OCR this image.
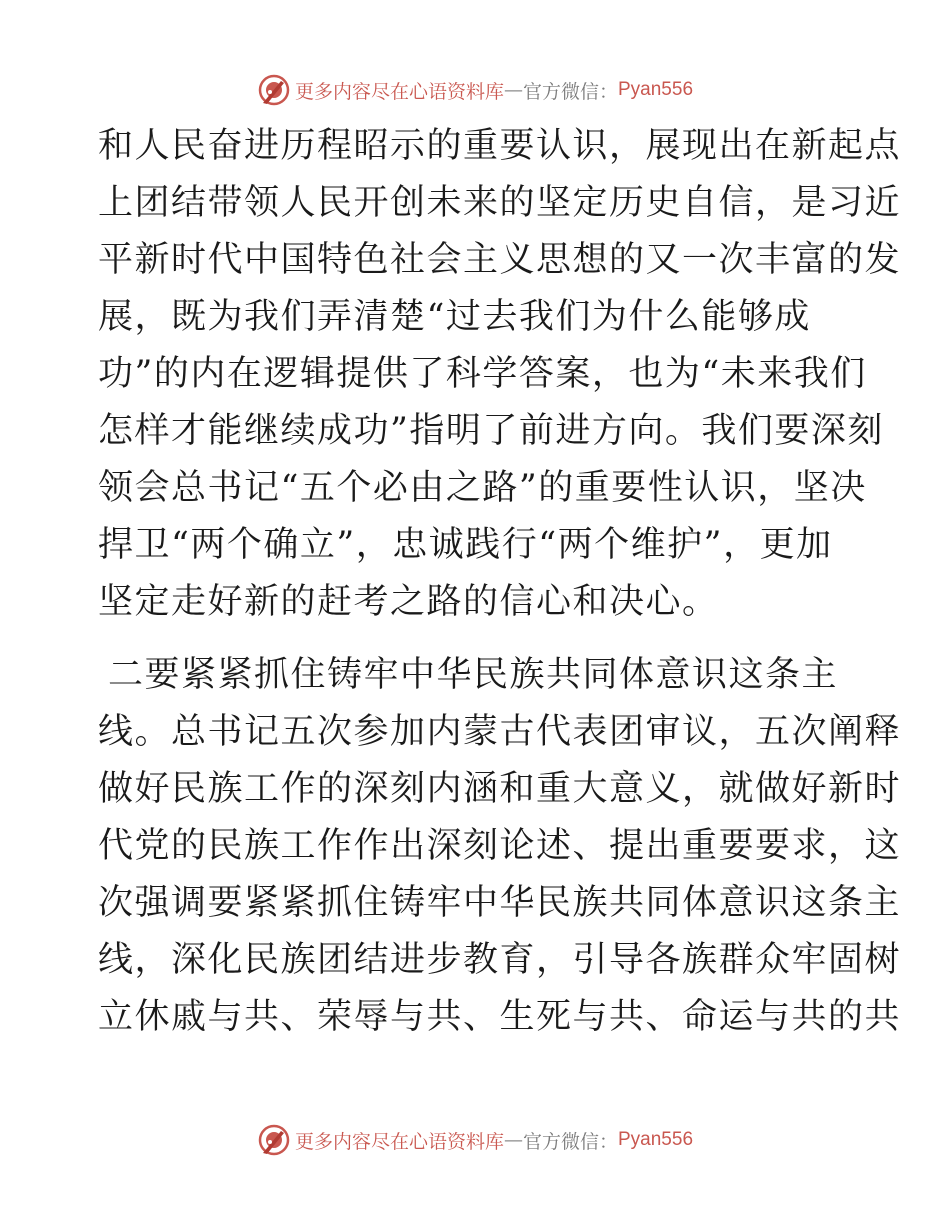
更多内容尽在心语资料库 — 官方微信： Pyan556
和人民奋进历程昭示的重要认识，展现出在新起点
上团结带领人民开创未来的坚定历史自信，是习近
平新时代中国特色社会主义思想的又一次丰富的发
展，既为我们弄清楚“过去我们为什么能够成
功”的内在逻辑提供了科学答案，也为“未来我们
怎样才能继续成功”指明了前进方向。我们要深刻
领会总书记“五个必由之路”的重要性认识，坚决
捍卫“两个确立”，忠诚践行“两个维护”，更加
坚定走好新的赶考之路的信心和决心。
二要紧紧抓住铸牢中华民族共同体意识这条主
线。总书记五次参加内蒙古代表团审议，五次阐释
做好民族工作的深刻内涵和重大意义，就做好新时
代党的民族工作作出深刻论述、提出重要要求，这
次强调要紧紧抓住铸牢中华民族共同体意识这条主
线，深化民族团结进步教育，引导各族群众牢固树
立休戚与共、荣辱与共、生死与共、命运与共的共
更多内容尽在心语资料库 — 官方微信： Pyan556
